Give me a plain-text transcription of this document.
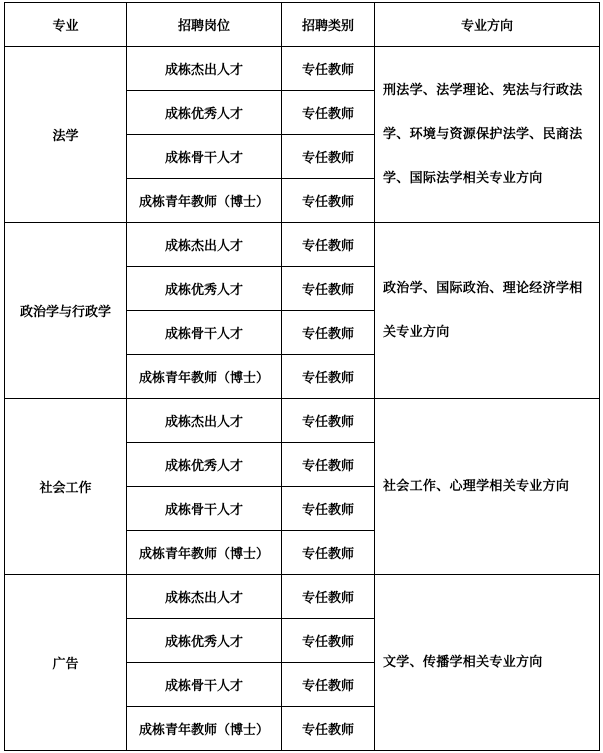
专业	招聘岗位	招聘类别	专业方向
法学	成栋杰出人才	专任教师	刑法学、法学理论、宪法与行政法学、环境与资源保护法学、民商法学、国际法学相关专业方向
	成栋优秀人才	专任教师	
	成栋骨干人才	专任教师	
	成栋青年教师（博士）	专任教师	
政治学与行政学	成栋杰出人才	专任教师	政治学、国际政治、理论经济学相关专业方向
	成栋优秀人才	专任教师	
	成栋骨干人才	专任教师	
	成栋青年教师（博士）	专任教师	
社会工作	成栋杰出人才	专任教师	社会工作、心理学相关专业方向
	成栋优秀人才	专任教师	
	成栋骨干人才	专任教师	
	成栋青年教师（博士）	专任教师	
广告	成栋杰出人才	专任教师	文学、传播学相关专业方向
	成栋优秀人才	专任教师	
	成栋骨干人才	专任教师	
	成栋青年教师（博士）	专任教师	
